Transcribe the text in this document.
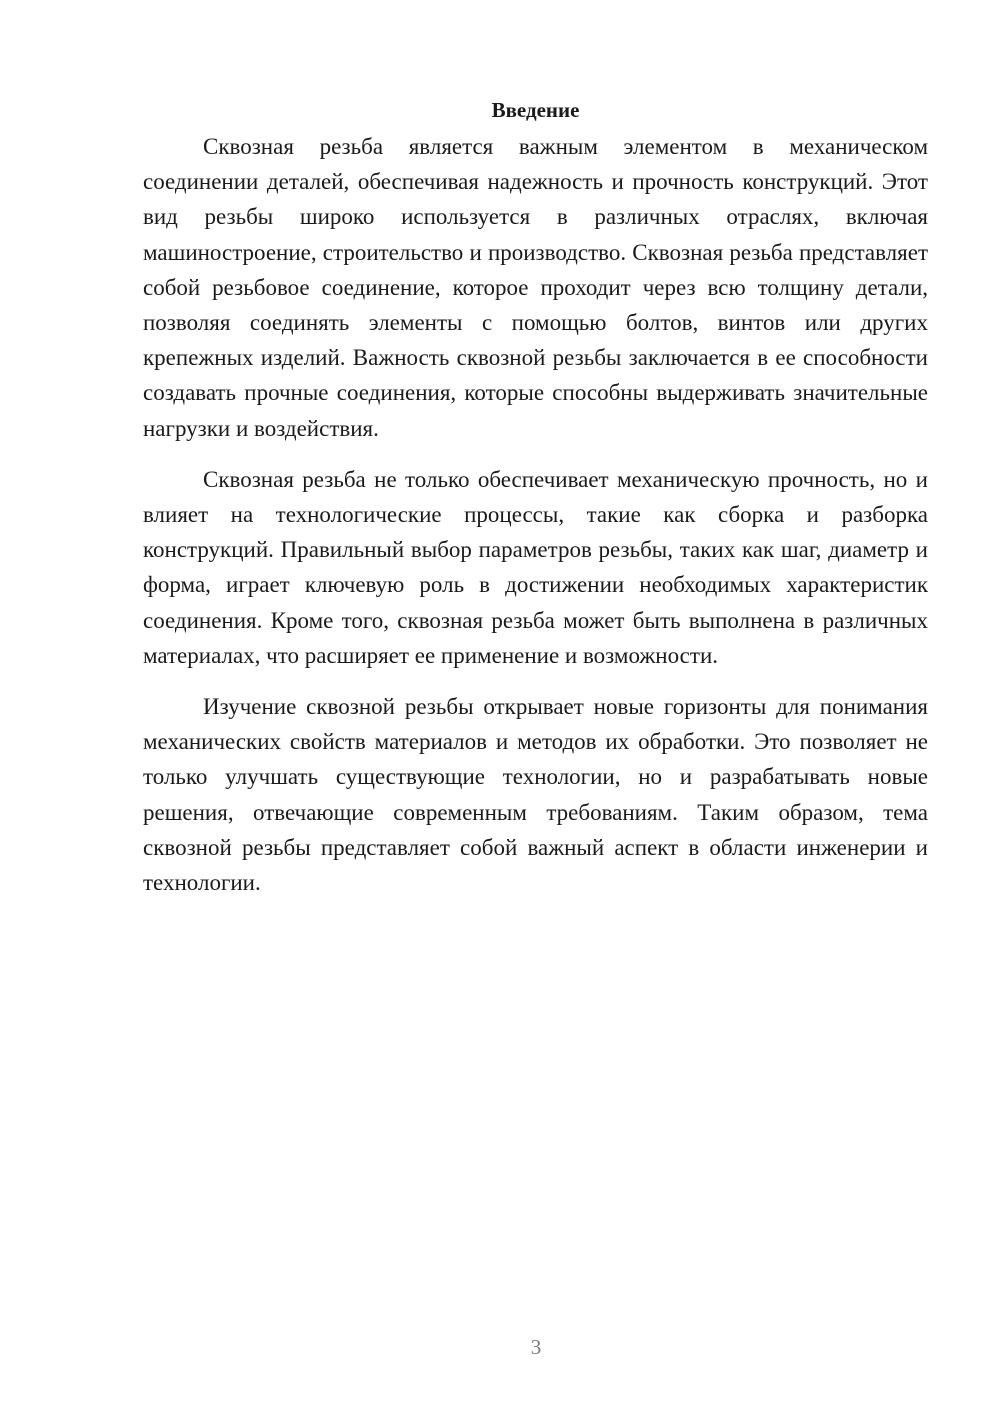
Введение

Сквозная резьба является важным элементом в механическом соединении деталей, обеспечивая надежность и прочность конструкций. Этот вид резьбы широко используется в различных отраслях, включая машиностроение, строительство и производство. Сквозная резьба представляет собой резьбовое соединение, которое проходит через всю толщину детали, позволяя соединять элементы с помощью болтов, винтов или других крепежных изделий. Важность сквозной резьбы заключается в ее способности создавать прочные соединения, которые способны выдерживать значительные нагрузки и воздействия.

Сквозная резьба не только обеспечивает механическую прочность, но и влияет на технологические процессы, такие как сборка и разборка конструкций. Правильный выбор параметров резьбы, таких как шаг, диаметр и форма, играет ключевую роль в достижении необходимых характеристик соединения. Кроме того, сквозная резьба может быть выполнена в различных материалах, что расширяет ее применение и возможности.

Изучение сквозной резьбы открывает новые горизонты для понимания механических свойств материалов и методов их обработки. Это позволяет не только улучшать существующие технологии, но и разрабатывать новые решения, отвечающие современным требованиям. Таким образом, тема сквозной резьбы представляет собой важный аспект в области инженерии и технологии.

3
